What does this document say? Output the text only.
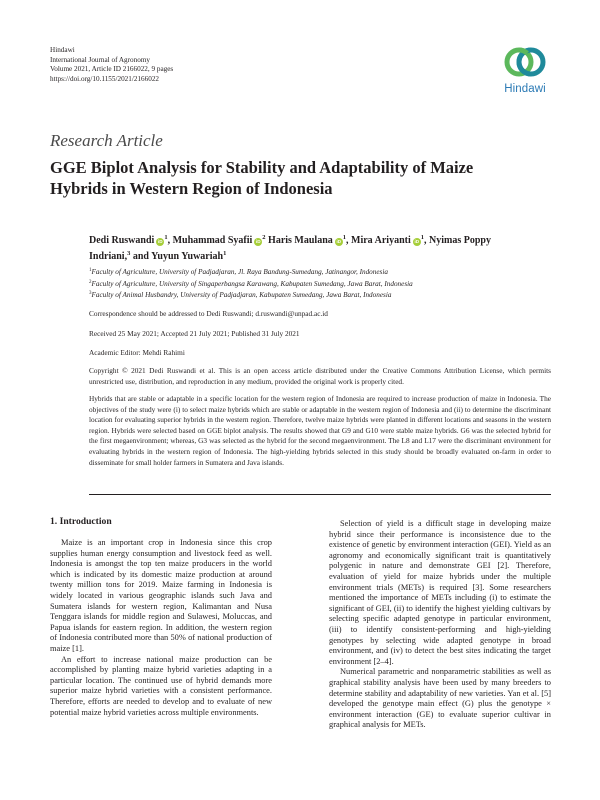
Hindawi
International Journal of Agronomy
Volume 2021, Article ID 2166022, 9 pages
https://doi.org/10.1155/2021/2166022
Hindawi
Research Article
GGE Biplot Analysis for Stability and Adaptability of Maize Hybrids in Western Region of Indonesia
Dedi Ruswandi $iD^1$, Muhammad Syafii $iD^2$ Haris Maulana $iD^1$, Mira Ariyanti $iD^1$, Nyimas Poppy Indriani,$^3$ and Yuyun Yuwariah$^1$
$^1$Faculty of Agriculture, University of Padjadjaran, Jl. Raya Bandung-Sumedang, Jatinangor, Indonesia
$^2$Faculty of Agriculture, University of Singaperbangsa Karawang, Kabupaten Sumedang, Jawa Barat, Indonesia
$^3$Faculty of Animal Husbandry, University of Padjadjaran, Kabupaten Sumedang, Jawa Barat, Indonesia
Correspondence should be addressed to Dedi Ruswandi; d.ruswandi@unpad.ac.id
Received 25 May 2021; Accepted 21 July 2021; Published 31 July 2021
Academic Editor: Mehdi Rahimi
Copyright © 2021 Dedi Ruswandi et al. This is an open access article distributed under the Creative Commons Attribution License, which permits unrestricted use, distribution, and reproduction in any medium, provided the original work is properly cited.
Hybrids that are stable or adaptable in a specific location for the western region of Indonesia are required to increase production of maize in Indonesia. The objectives of the study were (i) to select maize hybrids which are stable or adaptable in the western region of Indonesia and (ii) to determine the discriminant location for evaluating superior hybrids in the western region. Therefore, twelve maize hybrids were planted in different locations and seasons in the western region. Hybrids were selected based on GGE biplot analysis. The results showed that G9 and G10 were stable maize hybrids. G6 was the selected hybrid for the first megaenvironment; whereas, G3 was selected as the hybrid for the second megaenvironment. The L8 and L17 were the discriminant environment for evaluating hybrids in the western region of Indonesia. The high-yielding hybrids selected in this study should be broadly evaluated on-farm in order to disseminate for small holder farmers in Sumatera and Java islands.
1. Introduction

Maize is an important crop in Indonesia since this crop supplies human energy consumption and livestock feed as well. Indonesia is amongst the top ten maize producers in the world which is indicated by its domestic maize production at around twenty million tons for 2019. Maize farming in Indonesia is widely located in various geographic islands such Java and Sumatera islands for western region, Kalimantan and Nusa Tenggara islands for middle region and Sulawesi, Moluccas, and Papua islands for eastern region. In addition, the western region of Indonesia contributed more than 50% of national production of maize [1].

An effort to increase national maize production can be accomplished by planting maize hybrid varieties adapting in a particular location. The continued use of hybrid demands more superior maize hybrid varieties with a consistent performance. Therefore, efforts are needed to develop and to evaluate of new potential maize hybrid varieties across multiple environments.

Selection of yield is a difficult stage in developing maize hybrid since their performance is inconsistence due to the existence of genetic by environment interaction (GEI). Yield as an agronomy and economically significant trait is quantitatively polygenic in nature and demonstrate GEI [2]. Therefore, evaluation of yield for maize hybrids under the multiple environment trials (METs) is required [3]. Some researchers mentioned the importance of METs including (i) to estimate the significant of GEI, (ii) to identify the highest yielding cultivars by selecting specific adapted genotype in particular environment, (iii) to identify consistent-performing and high-yielding genotypes by selecting wide adapted genotype in broad environment, and (iv) to detect the best sites indicating the target environment [2–4].

Numerical parametric and nonparametric stabilities as well as graphical stability analysis have been used by many breeders to determine stability and adaptability of new varieties. Yan et al. [5] developed the genotype main effect (G) plus the genotype × environment interaction (GE) to evaluate superior cultivar in graphical analysis for METs.
